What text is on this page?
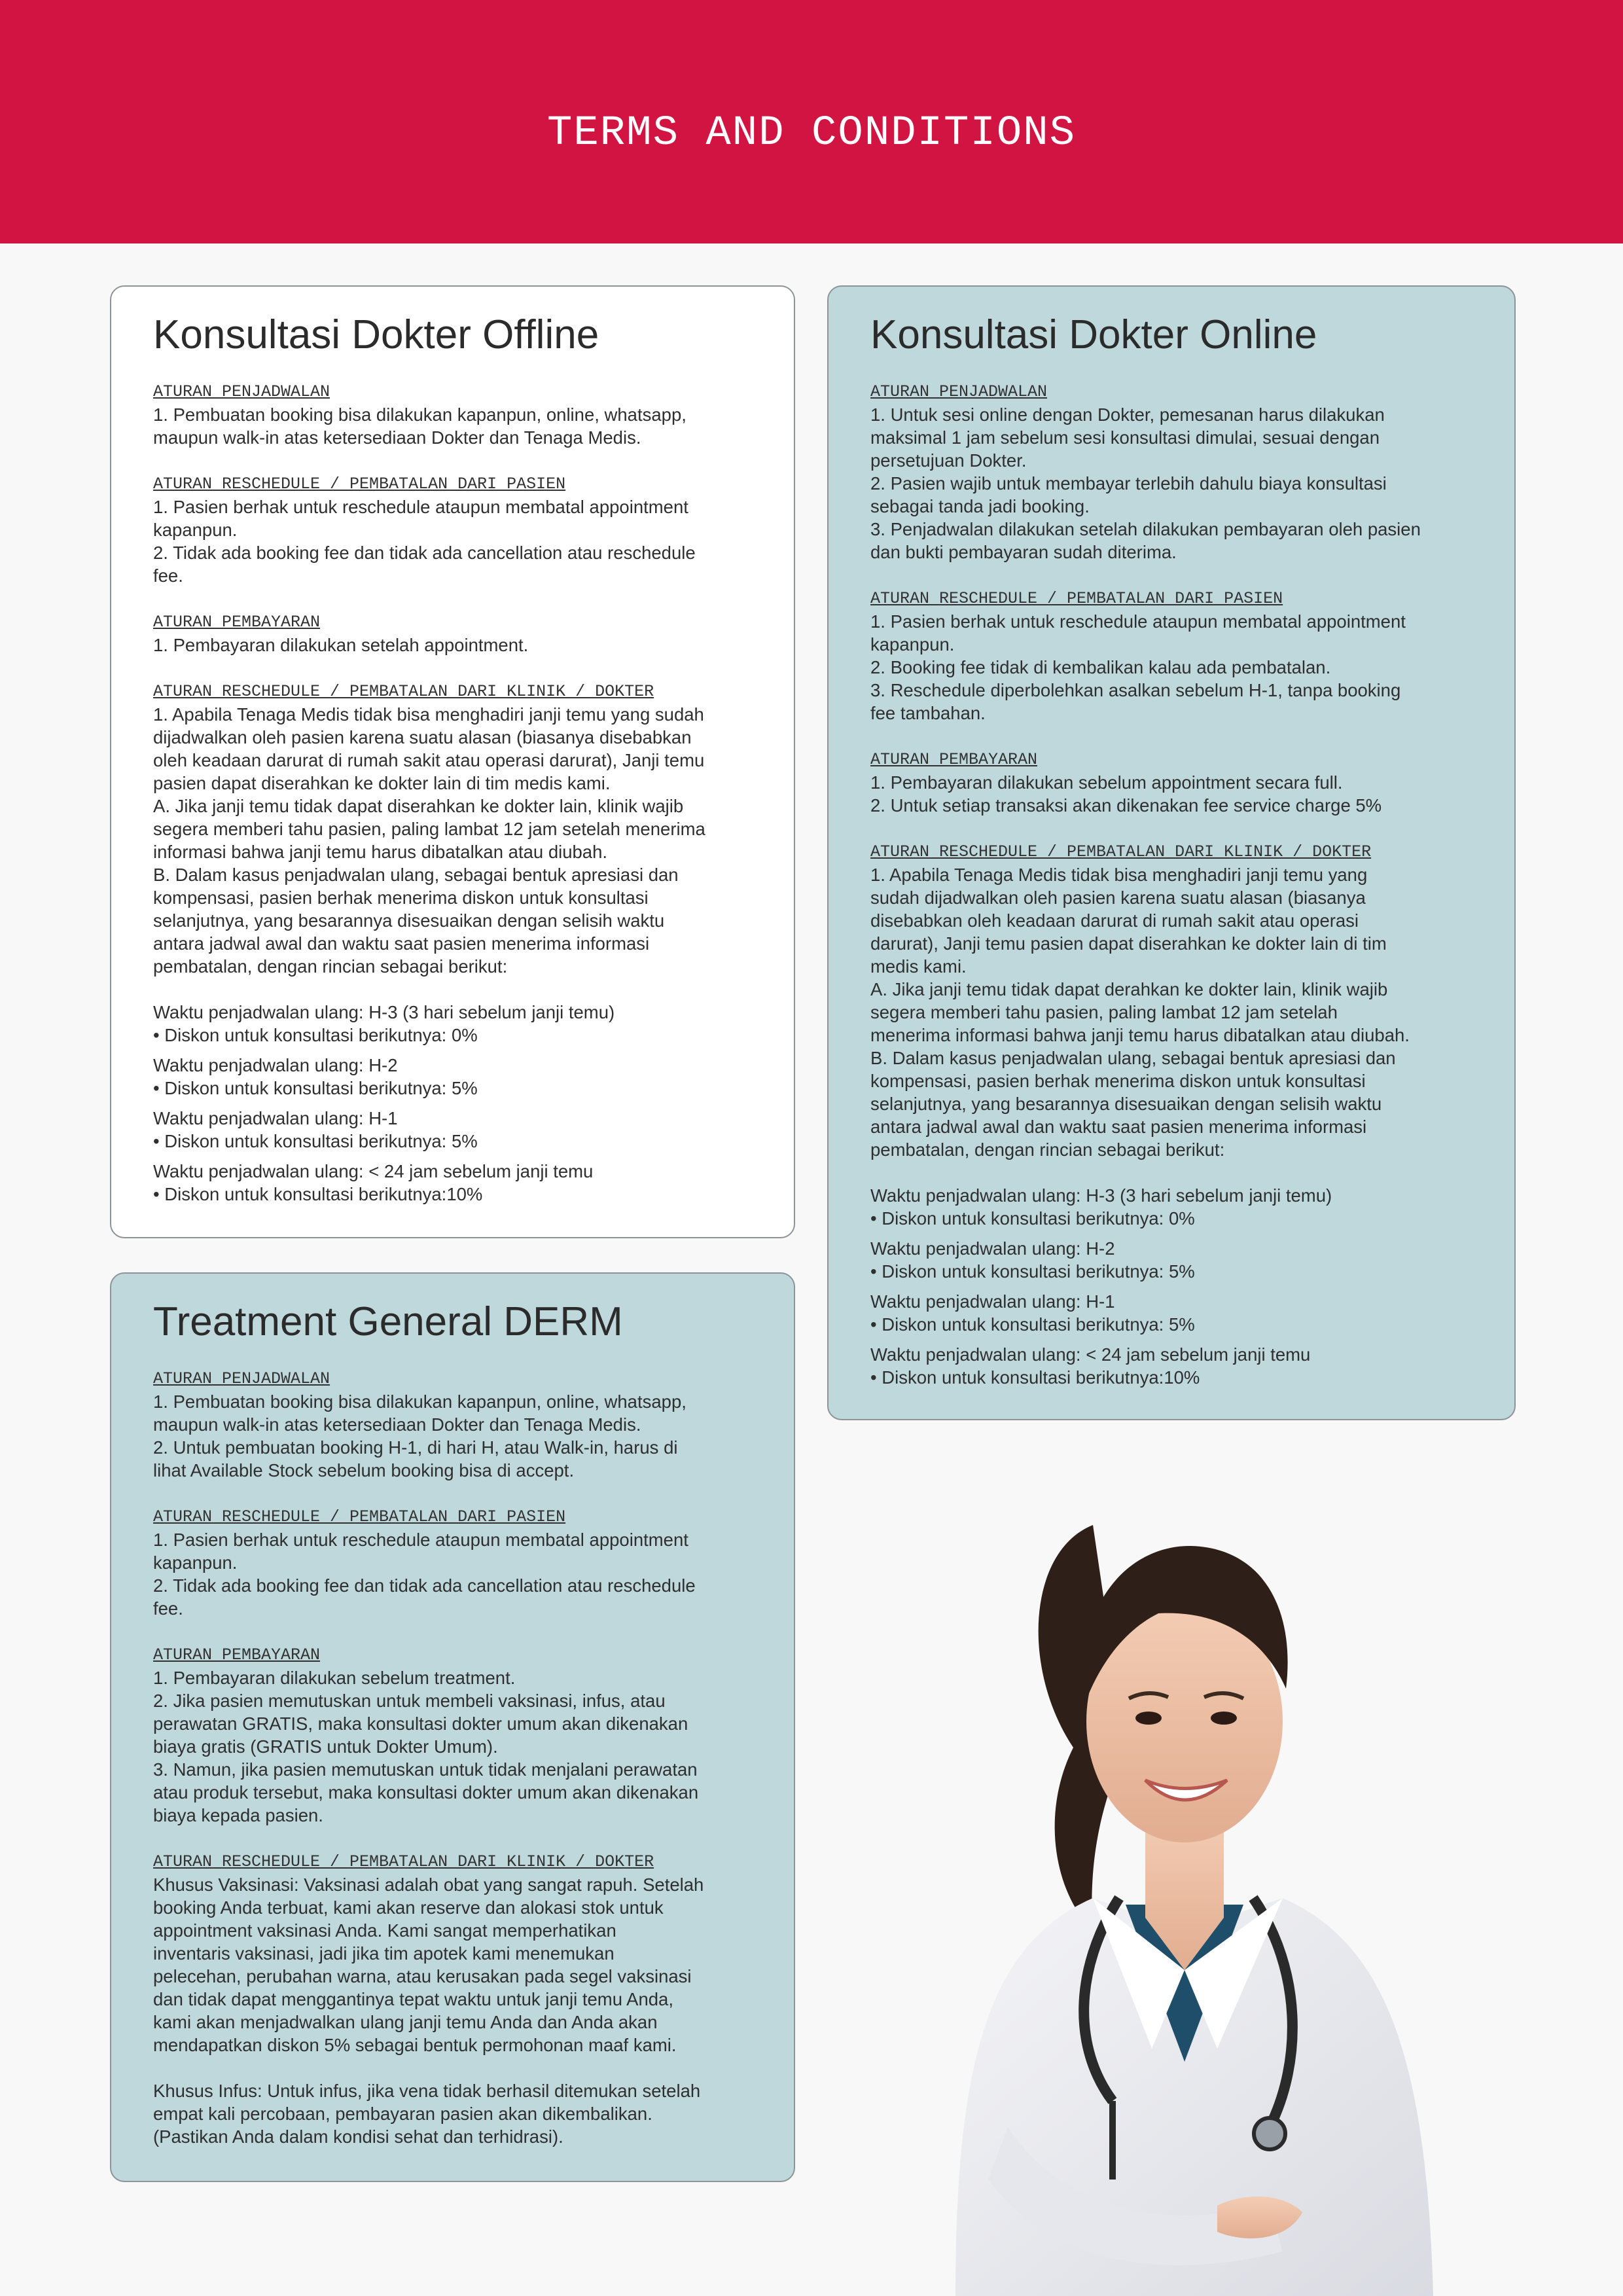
TERMS AND CONDITIONS
Konsultasi Dokter Offline

ATURAN PENJADWALAN

1. Pembuatan booking bisa dilakukan kapanpun, online, whatsapp,

maupun walk-in atas ketersediaan Dokter dan Tenaga Medis.

ATURAN RESCHEDULE / PEMBATALAN DARI PASIEN

1. Pasien berhak untuk reschedule ataupun membatal appointment

kapanpun.

2. Tidak ada booking fee dan tidak ada cancellation atau reschedule

fee.

ATURAN PEMBAYARAN

1. Pembayaran dilakukan setelah appointment.

ATURAN RESCHEDULE / PEMBATALAN DARI KLINIK / DOKTER

1. Apabila Tenaga Medis tidak bisa menghadiri janji temu yang sudah

dijadwalkan oleh pasien karena suatu alasan (biasanya disebabkan

oleh keadaan darurat di rumah sakit atau operasi darurat), Janji temu

pasien dapat diserahkan ke dokter lain di tim medis kami.

A. Jika janji temu tidak dapat diserahkan ke dokter lain, klinik wajib

segera memberi tahu pasien, paling lambat 12 jam setelah menerima

informasi bahwa janji temu harus dibatalkan atau diubah.

B. Dalam kasus penjadwalan ulang, sebagai bentuk apresiasi dan

kompensasi, pasien berhak menerima diskon untuk konsultasi

selanjutnya, yang besarannya disesuaikan dengan selisih waktu

antara jadwal awal dan waktu saat pasien menerima informasi

pembatalan, dengan rincian sebagai berikut:

Waktu penjadwalan ulang: H-3 (3 hari sebelum janji temu)

• Diskon untuk konsultasi berikutnya: 0%

Waktu penjadwalan ulang: H-2

• Diskon untuk konsultasi berikutnya: 5%

Waktu penjadwalan ulang: H-1

• Diskon untuk konsultasi berikutnya: 5%

Waktu penjadwalan ulang: < 24 jam sebelum janji temu

• Diskon untuk konsultasi berikutnya:10%

Konsultasi Dokter Online

ATURAN PENJADWALAN

1. Untuk sesi online dengan Dokter, pemesanan harus dilakukan

maksimal 1 jam sebelum sesi konsultasi dimulai, sesuai dengan

persetujuan Dokter.

2. Pasien wajib untuk membayar terlebih dahulu biaya konsultasi

sebagai tanda jadi booking.

3. Penjadwalan dilakukan setelah dilakukan pembayaran oleh pasien

dan bukti pembayaran sudah diterima.

ATURAN RESCHEDULE / PEMBATALAN DARI PASIEN

1. Pasien berhak untuk reschedule ataupun membatal appointment

kapanpun.

2. Booking fee tidak di kembalikan kalau ada pembatalan.

3. Reschedule diperbolehkan asalkan sebelum H-1, tanpa booking

fee tambahan.

ATURAN PEMBAYARAN

1. Pembayaran dilakukan sebelum appointment secara full.

2. Untuk setiap transaksi akan dikenakan fee service charge 5%

ATURAN RESCHEDULE / PEMBATALAN DARI KLINIK / DOKTER

1. Apabila Tenaga Medis tidak bisa menghadiri janji temu yang

sudah dijadwalkan oleh pasien karena suatu alasan (biasanya

disebabkan oleh keadaan darurat di rumah sakit atau operasi

darurat), Janji temu pasien dapat diserahkan ke dokter lain di tim

medis kami.

A. Jika janji temu tidak dapat derahkan ke dokter lain, klinik wajib

segera memberi tahu pasien, paling lambat 12 jam setelah

menerima informasi bahwa janji temu harus dibatalkan atau diubah.

B. Dalam kasus penjadwalan ulang, sebagai bentuk apresiasi dan

kompensasi, pasien berhak menerima diskon untuk konsultasi

selanjutnya, yang besarannya disesuaikan dengan selisih waktu

antara jadwal awal dan waktu saat pasien menerima informasi

pembatalan, dengan rincian sebagai berikut:

Waktu penjadwalan ulang: H-3 (3 hari sebelum janji temu)

• Diskon untuk konsultasi berikutnya: 0%

Waktu penjadwalan ulang: H-2

• Diskon untuk konsultasi berikutnya: 5%

Waktu penjadwalan ulang: H-1

• Diskon untuk konsultasi berikutnya: 5%

Waktu penjadwalan ulang: < 24 jam sebelum janji temu

• Diskon untuk konsultasi berikutnya:10%

Treatment General DERM

ATURAN PENJADWALAN

1. Pembuatan booking bisa dilakukan kapanpun, online, whatsapp,

maupun walk-in atas ketersediaan Dokter dan Tenaga Medis.

2. Untuk pembuatan booking H-1, di hari H, atau Walk-in, harus di

lihat Available Stock sebelum booking bisa di accept.

ATURAN RESCHEDULE / PEMBATALAN DARI PASIEN

1. Pasien berhak untuk reschedule ataupun membatal appointment

kapanpun.

2. Tidak ada booking fee dan tidak ada cancellation atau reschedule

fee.

ATURAN PEMBAYARAN

1. Pembayaran dilakukan sebelum treatment.

2. Jika pasien memutuskan untuk membeli vaksinasi, infus, atau

perawatan GRATIS, maka konsultasi dokter umum akan dikenakan

biaya gratis (GRATIS untuk Dokter Umum).

3. Namun, jika pasien memutuskan untuk tidak menjalani perawatan

atau produk tersebut, maka konsultasi dokter umum akan dikenakan

biaya kepada pasien.

ATURAN RESCHEDULE / PEMBATALAN DARI KLINIK / DOKTER

Khusus Vaksinasi: Vaksinasi adalah obat yang sangat rapuh. Setelah

booking Anda terbuat, kami akan reserve dan alokasi stok untuk

appointment vaksinasi Anda. Kami sangat memperhatikan

inventaris vaksinasi, jadi jika tim apotek kami menemukan

pelecehan, perubahan warna, atau kerusakan pada segel vaksinasi

dan tidak dapat menggantinya tepat waktu untuk janji temu Anda,

kami akan menjadwalkan ulang janji temu Anda dan Anda akan

mendapatkan diskon 5% sebagai bentuk permohonan maaf kami.

Khusus Infus: Untuk infus, jika vena tidak berhasil ditemukan setelah

empat kali percobaan, pembayaran pasien akan dikembalikan.

(Pastikan Anda dalam kondisi sehat dan terhidrasi).
